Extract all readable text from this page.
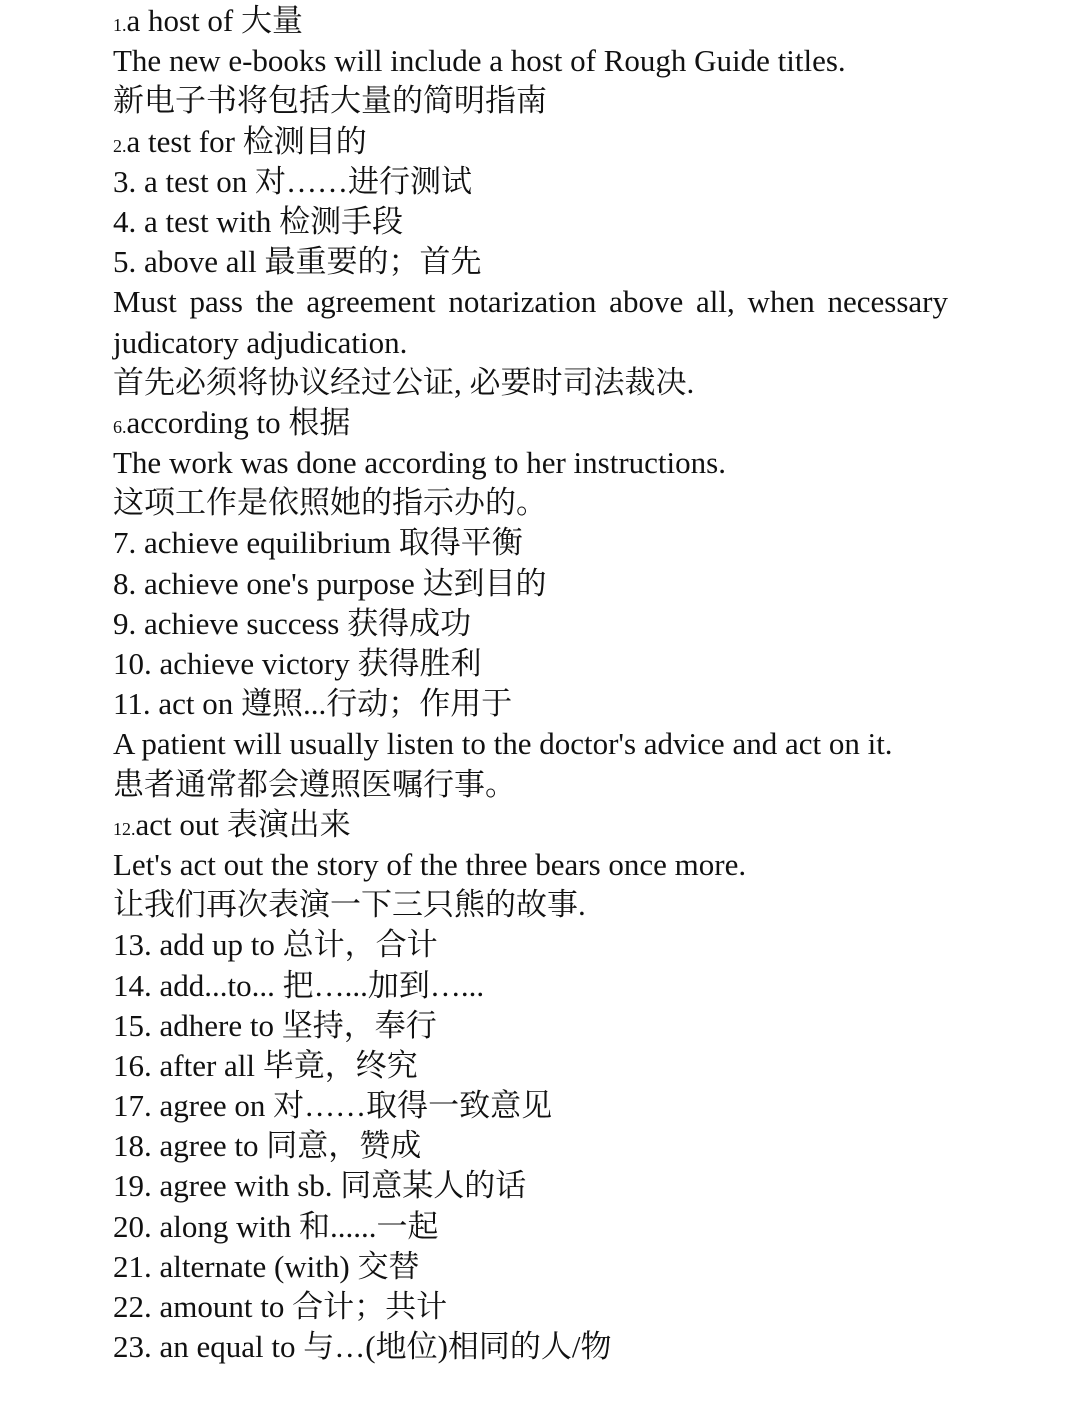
1.a host of 大量
The new e-books will include a host of Rough Guide titles.
新电子书将包括大量的简明指南
2.a test for 检测目的
3. a test on 对……进行测试
4. a test with 检测手段
5. above all 最重要的；首先
Must pass the agreement notarization above all, when necessary judicatory adjudication.
首先必须将协议经过公证, 必要时司法裁决.
6.according to 根据
The work was done according to her instructions.
这项工作是依照她的指示办的。
7. achieve equilibrium 取得平衡
8. achieve one's purpose 达到目的
9. achieve success 获得成功
10. achieve victory 获得胜利
11. act on 遵照...行动；作用于
A patient will usually listen to the doctor's advice and act on it.
患者通常都会遵照医嘱行事。
12.act out 表演出来
Let's act out the story of the three bears once more.
让我们再次表演一下三只熊的故事.
13. add up to 总计，合计
14. add...to... 把…...加到…...
15. adhere to 坚持，奉行
16. after all 毕竟，终究
17. agree on 对……取得一致意见
18. agree to 同意，赞成
19. agree with sb. 同意某人的话
20. along with 和......一起
21. alternate (with) 交替
22. amount to 合计；共计
23. an equal to 与…(地位)相同的人/物
